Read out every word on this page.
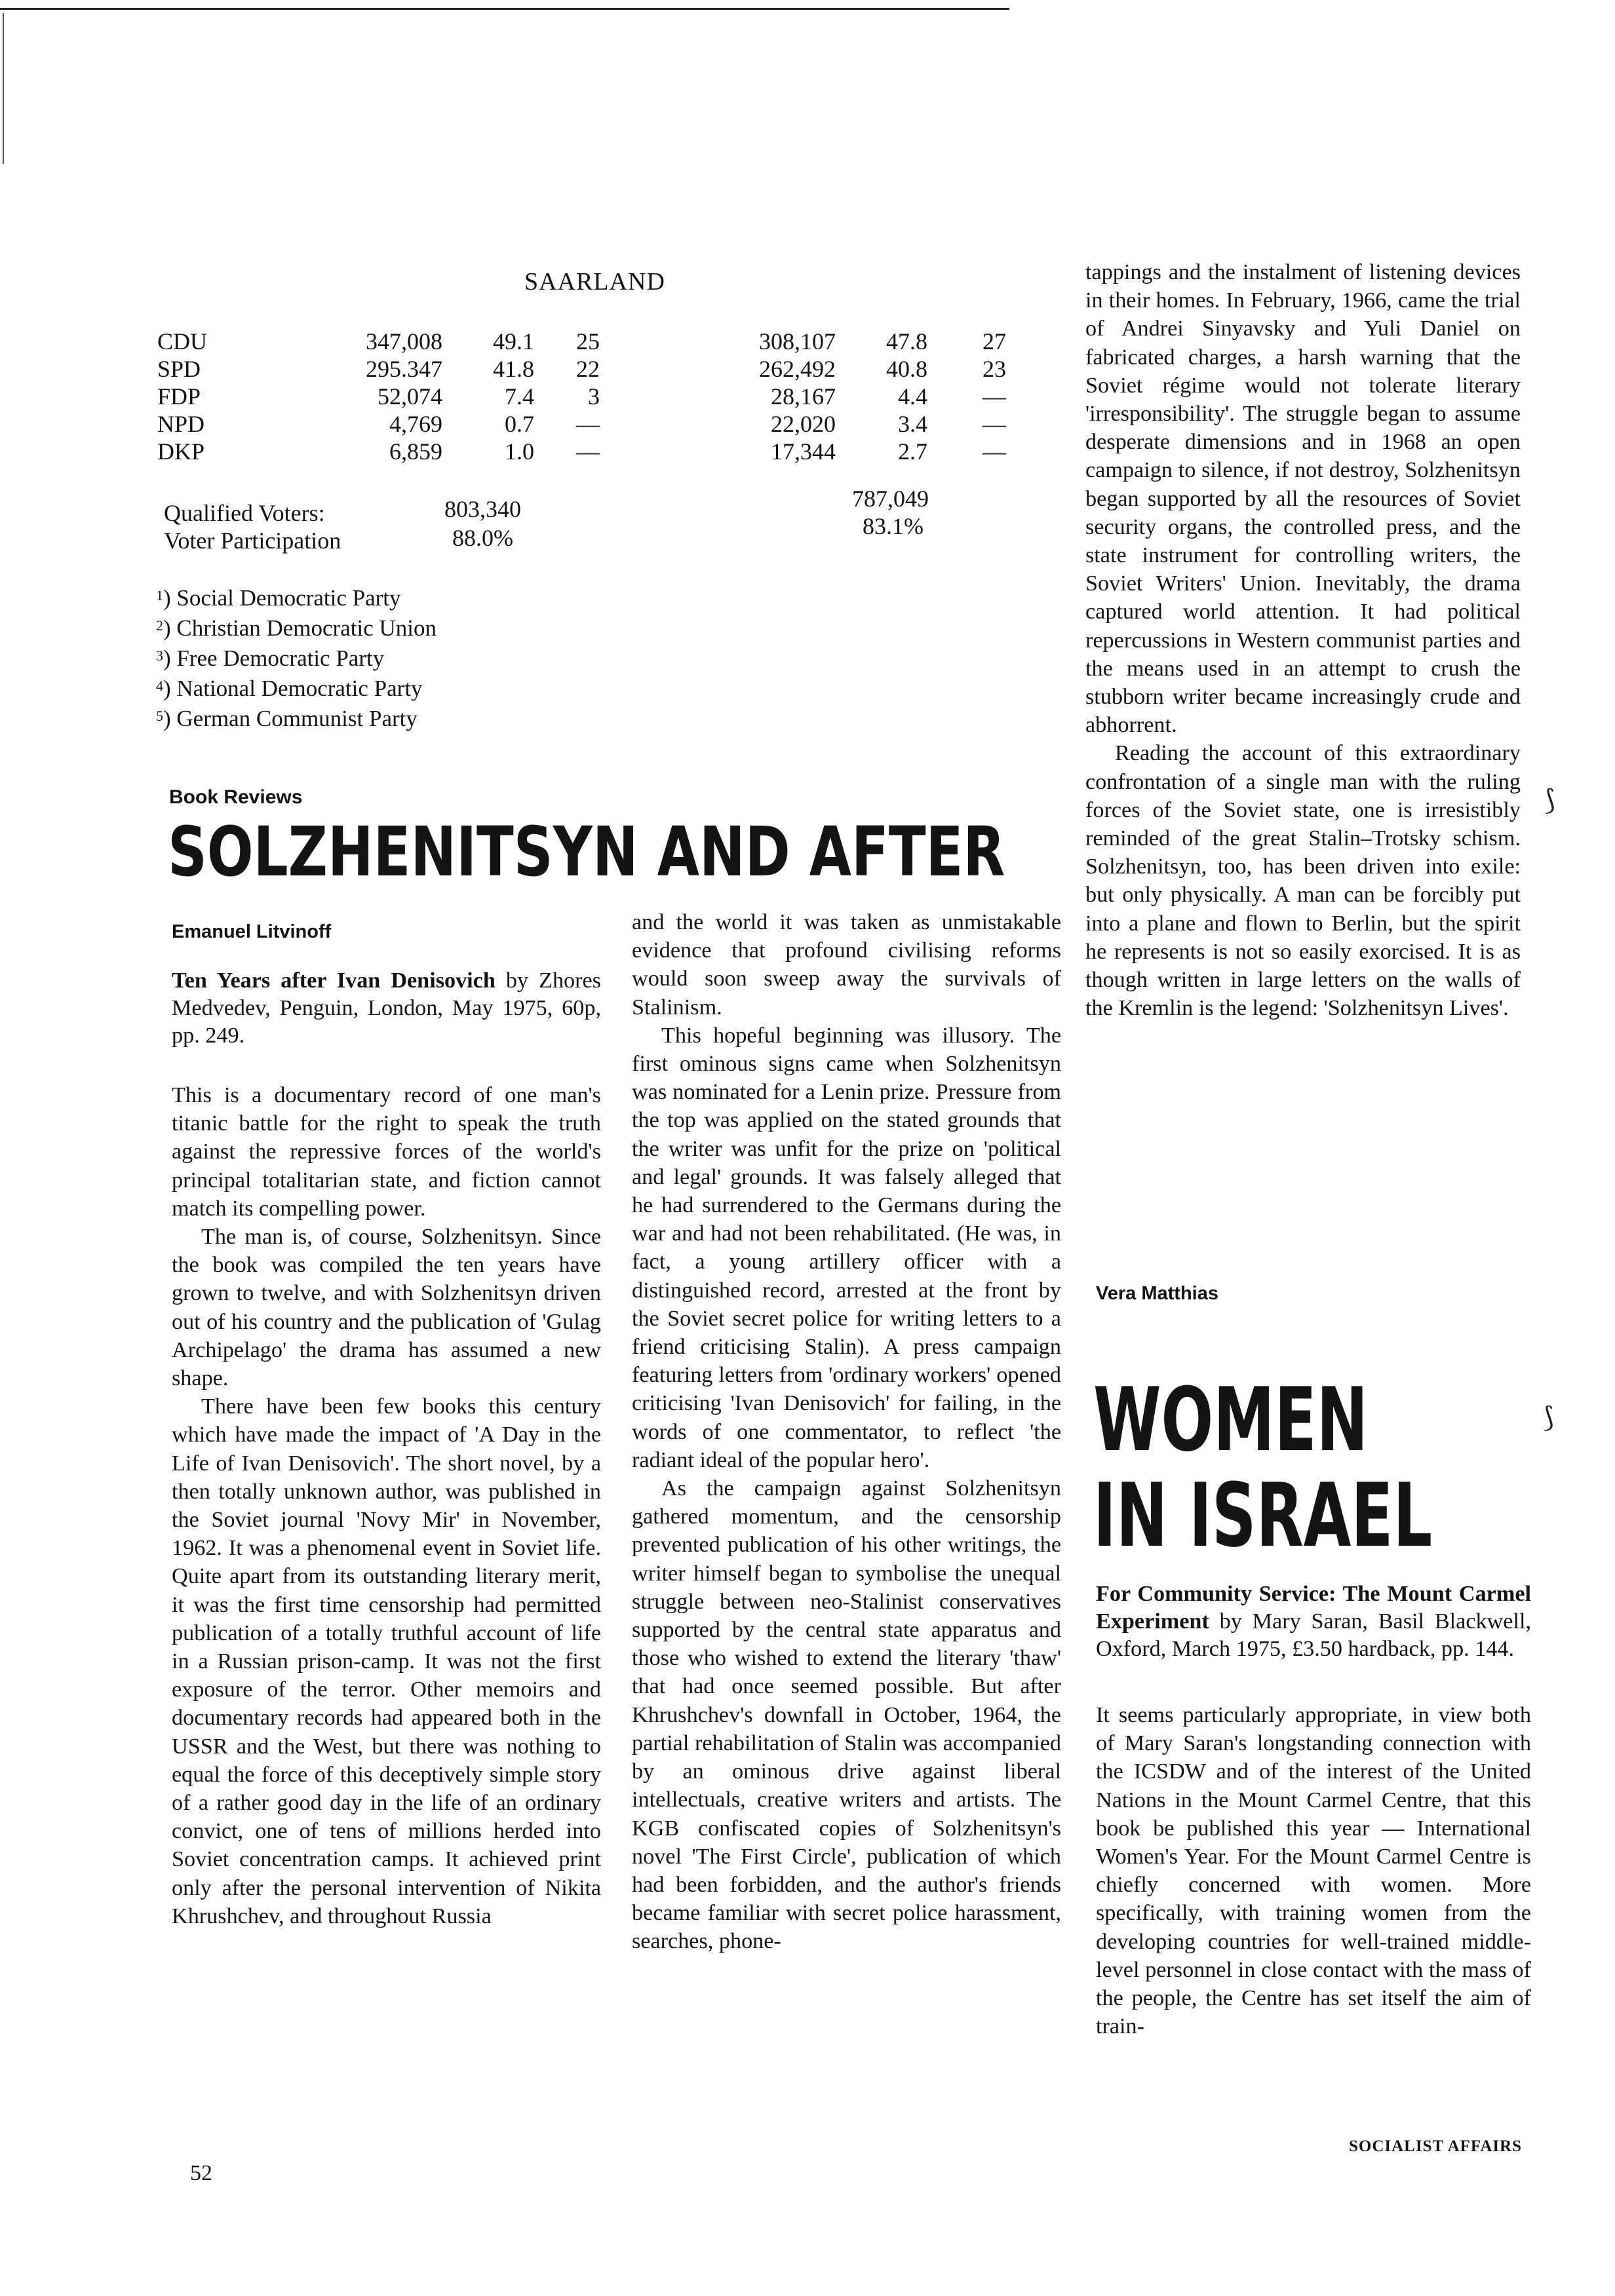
SAARLAND
CDU	347,008	49.1	25	308,107	47.8	27
SPD	295.347	41.8	22	262,492	40.8	23
FDP	52,074	7.4	3	28,167	4.4	—
NPD	4,769	0.7	—	22,020	3.4	—
DKP	6,859	1.0	—	17,344	2.7	—
Qualified Voters:	803,340	787,049
Voter Participation	88.0%	83.1%
$^1$) Social Democratic Party
$^2$) Christian Democratic Union
$^3$) Free Democratic Party
$^4$) National Democratic Party
$^5$) German Communist Party
Book Reviews
SOLZHENITSYN AND AFTER
Emanuel Litvinoff
Ten Years after Ivan Denisovich by Zhores Medvedev, Penguin, London, May 1975, 60p, pp. 249.

This is a documentary record of one man's titanic battle for the right to speak the truth against the repressive forces of the world's principal totalitarian state, and fiction cannot match its compelling power.

The man is, of course, Solzhenitsyn. Since the book was compiled the ten years have grown to twelve, and with Solzhenitsyn driven out of his country and the publication of 'Gulag Archipelago' the drama has assumed a new shape.

There have been few books this century which have made the impact of 'A Day in the Life of Ivan Denisovich'. The short novel, by a then totally unknown author, was published in the Soviet journal 'Novy Mir' in November, 1962. It was a phenomenal event in Soviet life. Quite apart from its outstanding literary merit, it was the first time censorship had permitted publication of a totally truthful account of life in a Russian prison-camp. It was not the first exposure of the terror. Other memoirs and documentary records had appeared both in the USSR and the West, but there was nothing to equal the force of this deceptively simple story of a rather good day in the life of an ordinary convict, one of tens of millions herded into Soviet concentration camps. It achieved print only after the personal intervention of Nikita Khrushchev, and throughout Russia

and the world it was taken as unmistakable evidence that profound civilising reforms would soon sweep away the survivals of Stalinism.

This hopeful beginning was illusory. The first ominous signs came when Solzhenitsyn was nominated for a Lenin prize. Pressure from the top was applied on the stated grounds that the writer was unfit for the prize on 'political and legal' grounds. It was falsely alleged that he had surrendered to the Germans during the war and had not been rehabilitated. (He was, in fact, a young artillery officer with a distinguished record, arrested at the front by the Soviet secret police for writing letters to a friend criticising Stalin). A press campaign featuring letters from 'ordinary workers' opened criticising 'Ivan Denisovich' for failing, in the words of one commentator, to reflect 'the radiant ideal of the popular hero'.

As the campaign against Solzhenitsyn gathered momentum, and the censorship prevented publication of his other writings, the writer himself began to symbolise the unequal struggle between neo-Stalinist conservatives supported by the central state apparatus and those who wished to extend the literary 'thaw' that had once seemed possible. But after Khrushchev's downfall in October, 1964, the partial rehabilitation of Stalin was accompanied by an ominous drive against liberal intellectuals, creative writers and artists. The KGB confiscated copies of Solzhenitsyn's novel 'The First Circle', publication of which had been forbidden, and the author's friends became familiar with secret police harassment, searches, phone-

tappings and the instalment of listening devices in their homes. In February, 1966, came the trial of Andrei Sinyavsky and Yuli Daniel on fabricated charges, a harsh warning that the Soviet régime would not tolerate literary 'irresponsibility'. The struggle began to assume desperate dimensions and in 1968 an open campaign to silence, if not destroy, Solzhenitsyn began supported by all the resources of Soviet security organs, the controlled press, and the state instrument for controlling writers, the Soviet Writers' Union. Inevitably, the drama captured world attention. It had political repercussions in Western communist parties and the means used in an attempt to crush the stubborn writer became increasingly crude and abhorrent.

Reading the account of this extraordinary confrontation of a single man with the ruling forces of the Soviet state, one is irresistibly reminded of the great Stalin–Trotsky schism. Solzhenitsyn, too, has been driven into exile: but only physically. A man can be forcibly put into a plane and flown to Berlin, but the spirit he represents is not so easily exorcised. It is as though written in large letters on the walls of the Kremlin is the legend: 'Solzhenitsyn Lives'.

Vera Matthias
WOMEN
IN ISRAEL
For Community Service: The Mount Carmel Experiment by Mary Saran, Basil Blackwell, Oxford, March 1975, £3.50 hardback, pp. 144.

It seems particularly appropriate, in view both of Mary Saran's longstanding connection with the ICSDW and of the interest of the United Nations in the Mount Carmel Centre, that this book be published this year — International Women's Year. For the Mount Carmel Centre is chiefly concerned with women. More specifically, with training women from the developing countries for well-trained middle-level personnel in close contact with the mass of the people, the Centre has set itself the aim of train-

⟆
⟆
52
SOCIALIST AFFAIRS
